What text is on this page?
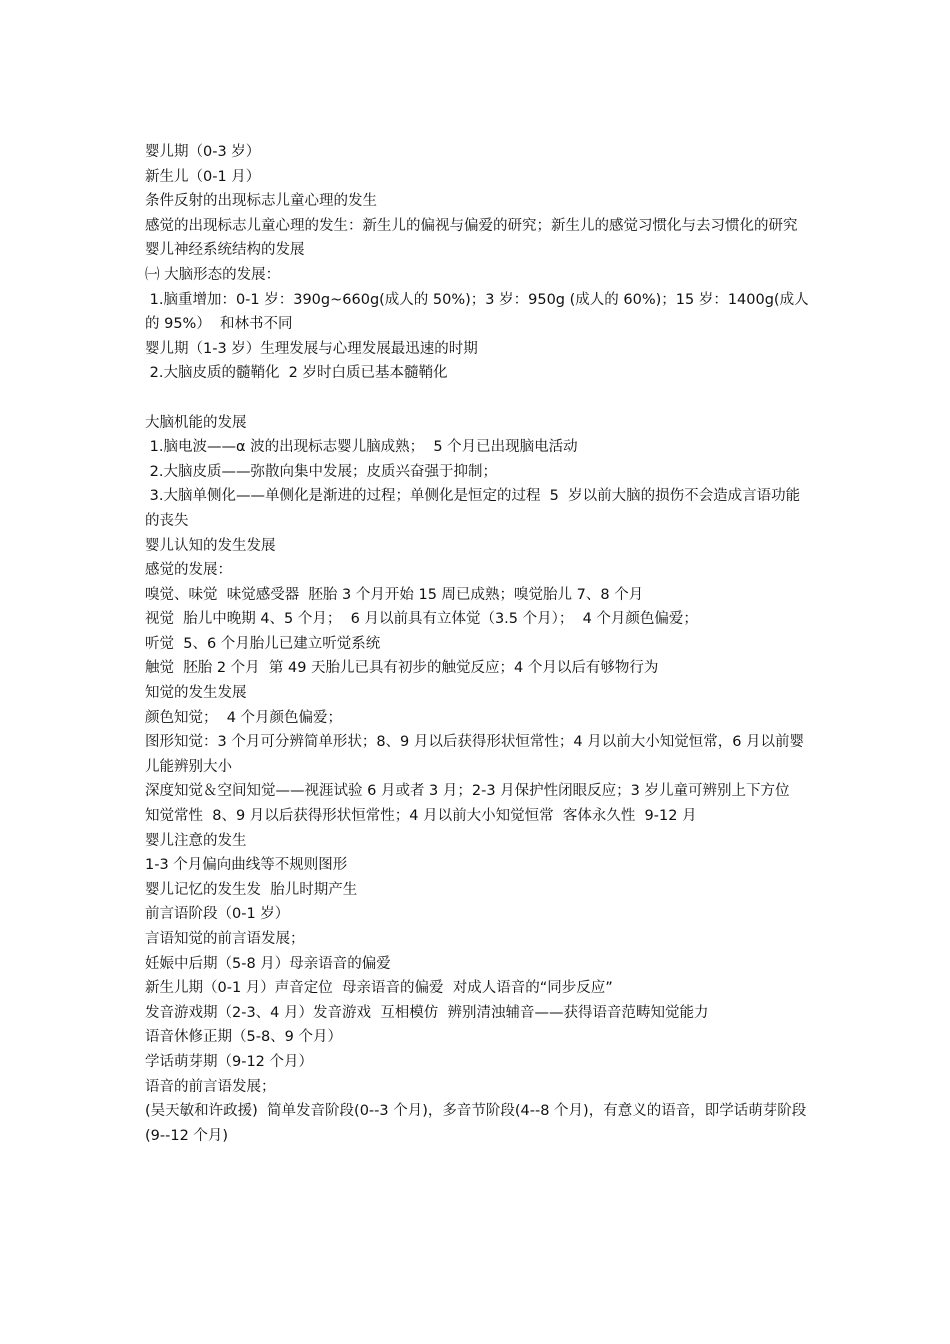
婴儿期（0-3 岁）

新生儿（0-1 月）

条件反射的出现标志儿童心理的发生

感觉的出现标志儿童心理的发生：新生儿的偏视与偏爱的研究；新生儿的感觉习惯化与去习惯化的研究

婴儿神经系统结构的发展

㈠ 大脑形态的发展：

1.脑重增加：0-1 岁：390g~660g(成人的 50%)；3 岁：950g (成人的 60%)；15 岁：1400g(成人的 95%）  和林书不同

婴儿期（1-3 岁）生理发展与心理发展最迅速的时期

2.大脑皮质的髓鞘化  2 岁时白质已基本髓鞘化

大脑机能的发展

1.脑电波——α 波的出现标志婴儿脑成熟；  5 个月已出现脑电活动

2.大脑皮质——弥散向集中发展；皮质兴奋强于抑制；

3.大脑单侧化——单侧化是渐进的过程；单侧化是恒定的过程  5  岁以前大脑的损伤不会造成言语功能的丧失

婴儿认知的发生发展

感觉的发展：

嗅觉、味觉  味觉感受器  胚胎 3 个月开始 15 周已成熟；嗅觉胎儿 7、8 个月

视觉  胎儿中晚期 4、5 个月；  6 月以前具有立体觉（3.5 个月）；  4 个月颜色偏爱；

听觉  5、6 个月胎儿已建立听觉系统

触觉  胚胎 2 个月  第 49 天胎儿已具有初步的触觉反应；4 个月以后有够物行为

知觉的发生发展

颜色知觉；  4 个月颜色偏爱；

图形知觉：3 个月可分辨简单形状；8、9 月以后获得形状恒常性；4 月以前大小知觉恒常，6 月以前婴儿能辨别大小

深度知觉＆空间知觉——视涯试验 6 月或者 3 月；2-3 月保护性闭眼反应；3 岁儿童可辨别上下方位

知觉常性  8、9 月以后获得形状恒常性；4 月以前大小知觉恒常  客体永久性  9-12 月

婴儿注意的发生

1-3 个月偏向曲线等不规则图形

婴儿记忆的发生发  胎儿时期产生

前言语阶段（0-1 岁）

言语知觉的前言语发展；

妊娠中后期（5-8 月）母亲语音的偏爱

新生儿期（0-1 月）声音定位  母亲语音的偏爱  对成人语音的“同步反应”

发音游戏期（2-3、4 月）发音游戏  互相模仿  辨别清浊辅音——获得语音范畴知觉能力

语音休修正期（5-8、9 个月）

学话萌芽期（9-12 个月）

语音的前言语发展；

(吴天敏和许政援)  简单发音阶段(0--3 个月)，多音节阶段(4--8 个月)，有意义的语音，即学话萌芽阶段(9--12 个月)
